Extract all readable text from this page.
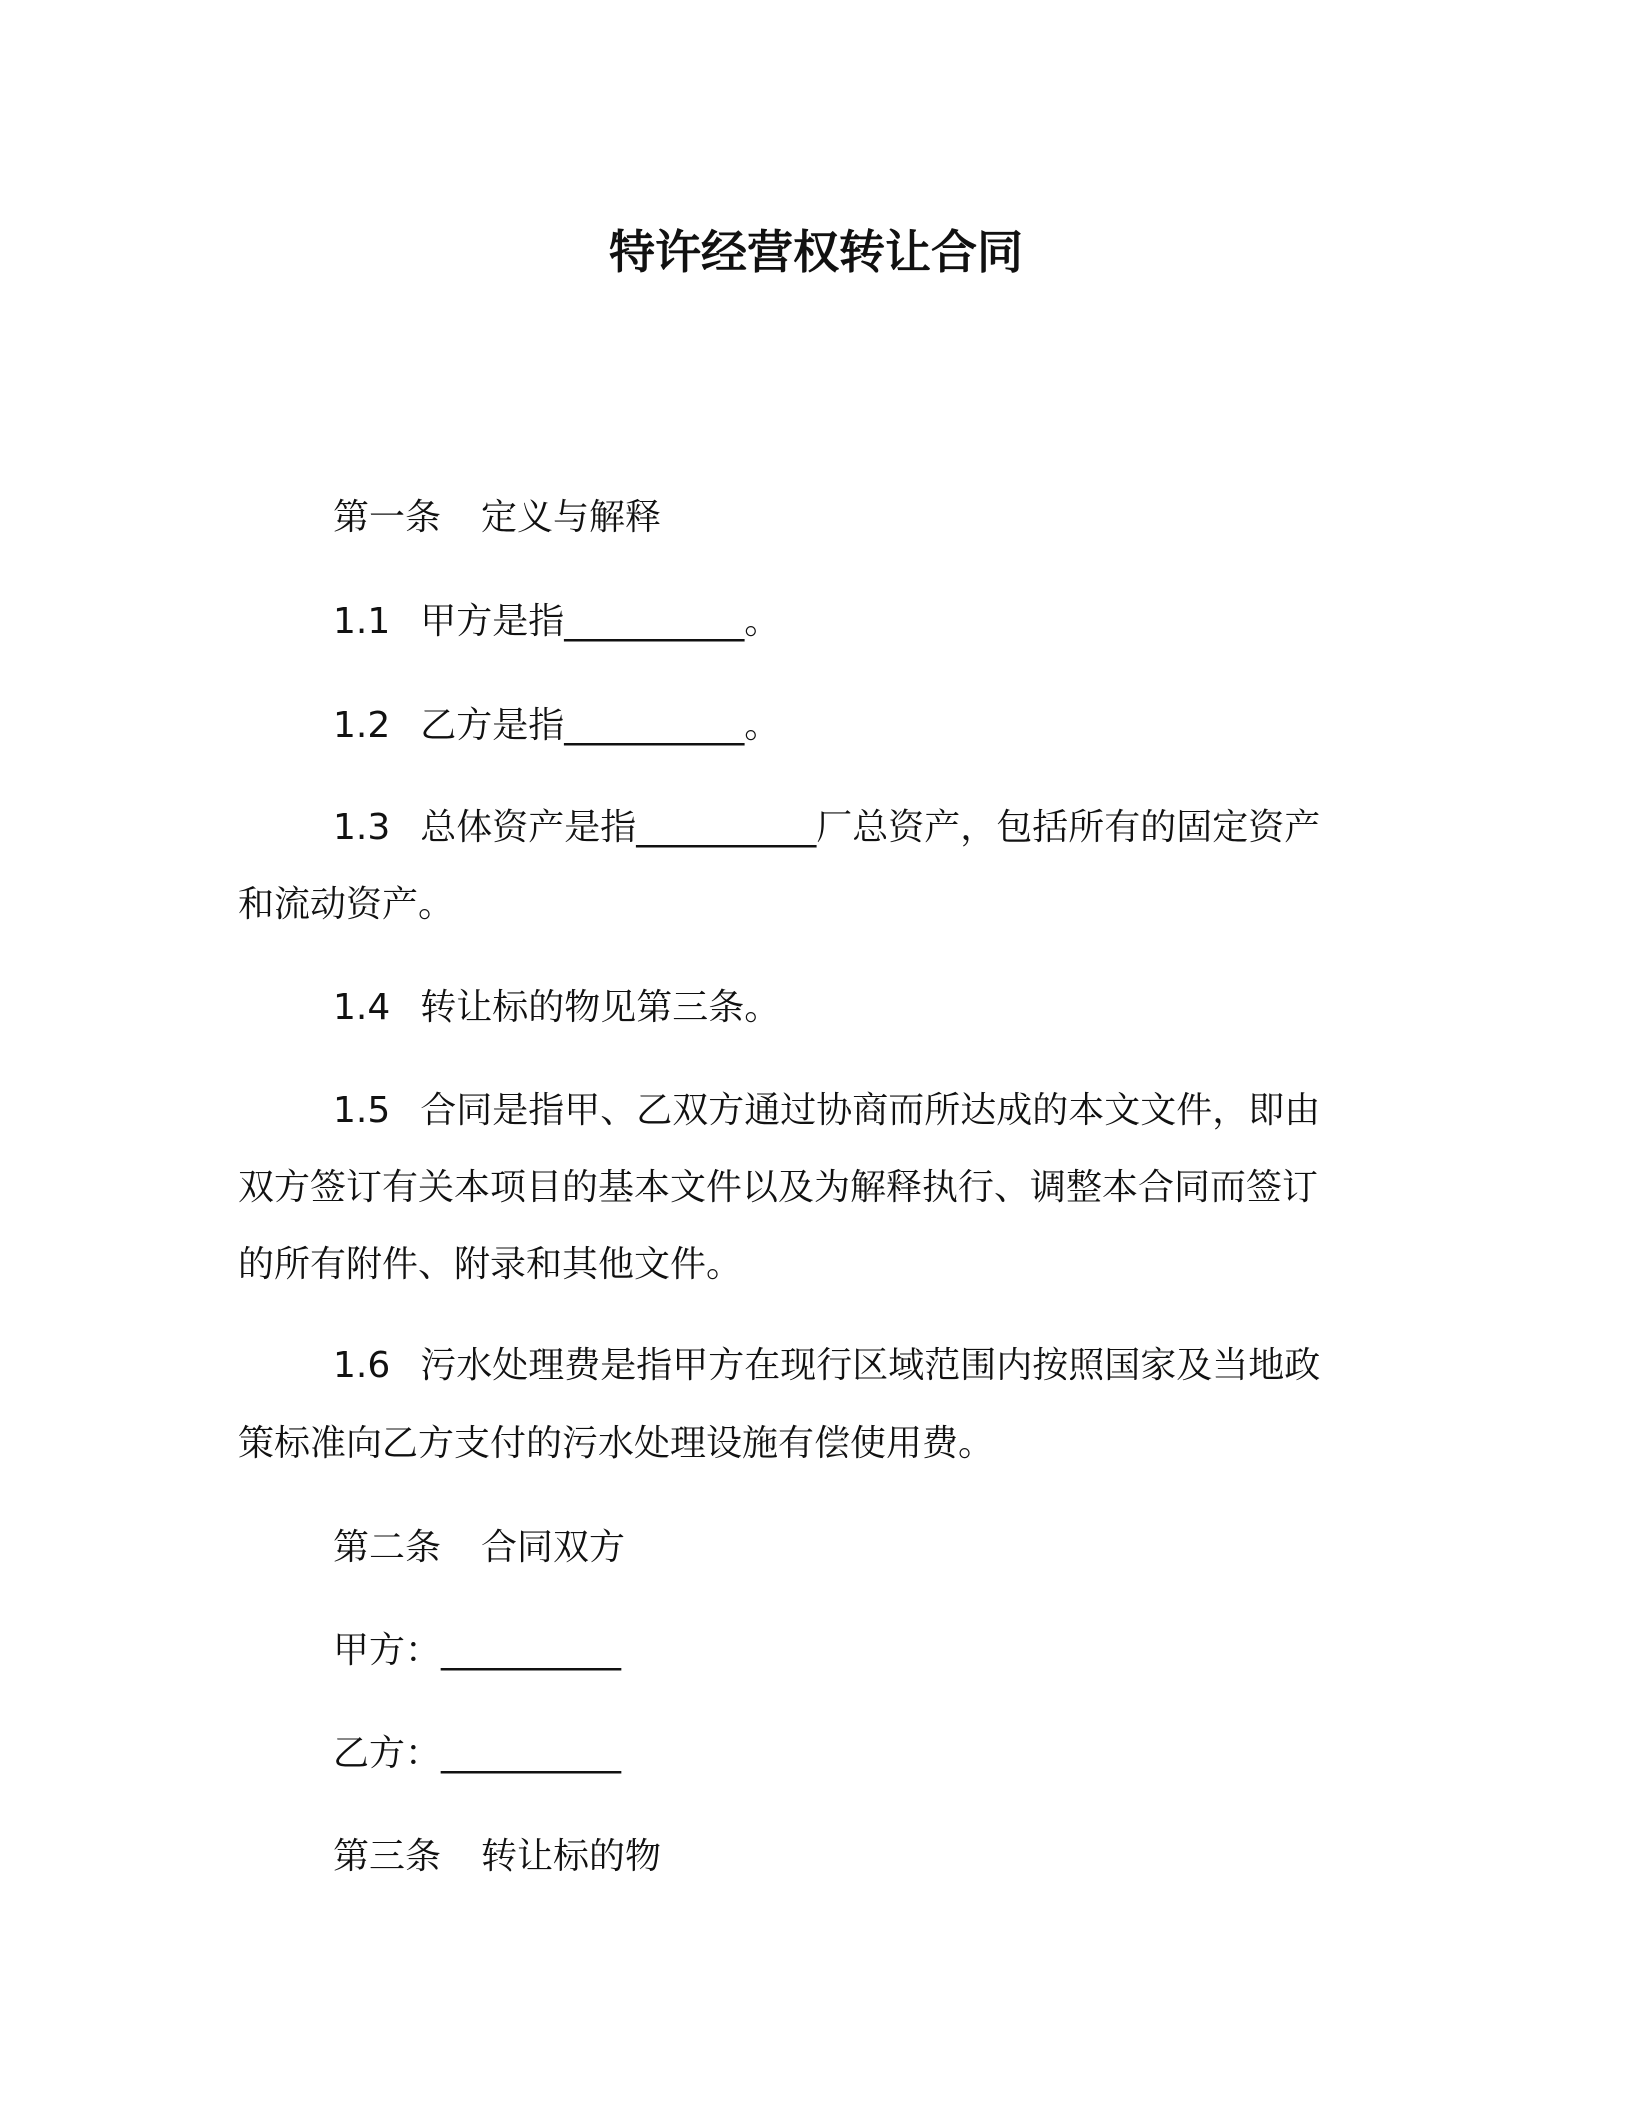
特许经营权转让合同
第一条 定义与解释
1.1 甲方是指__________。
1.2 乙方是指__________。
1.3 总体资产是指__________厂总资产，包括所有的固定资产
和流动资产。
1.4 转让标的物见第三条。
1.5 合同是指甲、乙双方通过协商而所达成的本文文件，即由
双方签订有关本项目的基本文件以及为解释执行、调整本合同而签订
的所有附件、附录和其他文件。
1.6 污水处理费是指甲方在现行区域范围内按照国家及当地政
策标准向乙方支付的污水处理设施有偿使用费。
第二条 合同双方
甲方：__________
乙方：__________
第三条 转让标的物
